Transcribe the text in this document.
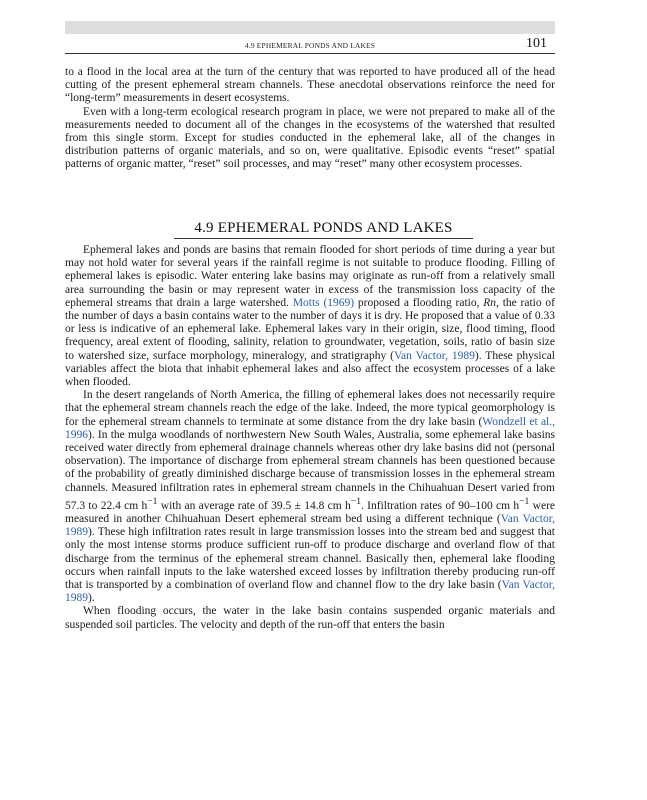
4.9 EPHEMERAL PONDS AND LAKES	101

to a flood in the local area at the turn of the century that was reported to have produced all of the head cutting of the present ephemeral stream channels. These anecdotal observations reinforce the need for “long-term” measurements in desert ecosystems.

Even with a long-term ecological research program in place, we were not prepared to make all of the measurements needed to document all of the changes in the ecosystems of the watershed that resulted from this single storm. Except for studies conducted in the ephemeral lake, all of the changes in distribution patterns of organic materials, and so on, were qualitative. Episodic events “reset” spatial patterns of organic matter, “reset” soil processes, and may “reset” many other ecosystem processes.

4.9 EPHEMERAL PONDS AND LAKES

Ephemeral lakes and ponds are basins that remain flooded for short periods of time during a year but may not hold water for several years if the rainfall regime is not suitable to produce flooding. Filling of ephemeral lakes is episodic. Water entering lake basins may originate as run-off from a relatively small area surrounding the basin or may represent water in excess of the transmission loss capacity of the ephemeral streams that drain a large watershed. Motts (1969) proposed a flooding ratio, Rn, the ratio of the number of days a basin contains water to the number of days it is dry. He proposed that a value of 0.33 or less is indicative of an ephemeral lake. Ephemeral lakes vary in their origin, size, flood timing, flood frequency, areal extent of flooding, salinity, relation to groundwater, vegetation, soils, ratio of basin size to watershed size, surface morphology, mineralogy, and stratigraphy (Van Vactor, 1989). These physical variables affect the biota that inhabit ephemeral lakes and also affect the ecosystem processes of a lake when flooded.

In the desert rangelands of North America, the filling of ephemeral lakes does not necessarily require that the ephemeral stream channels reach the edge of the lake. Indeed, the more typical geomorphology is for the ephemeral stream channels to terminate at some distance from the dry lake basin (Wondzell et al., 1996). In the mulga woodlands of northwestern New South Wales, Australia, some ephemeral lake basins received water directly from ephemeral drainage channels whereas other dry lake basins did not (personal observation). The importance of discharge from ephemeral stream channels has been questioned because of the probability of greatly diminished discharge because of transmission losses in the ephemeral stream channels. Measured infiltration rates in ephemeral stream channels in the Chihuahuan Desert varied from 57.3 to 22.4 cm $h^{-1}$ with an average rate of 39.5 ± 14.8 cm $h^{-1}$. Infiltration rates of 90–100 cm $h^{-1}$ were measured in another Chihuahuan Desert ephemeral stream bed using a different technique (Van Vactor, 1989). These high infiltration rates result in large transmission losses into the stream bed and suggest that only the most intense storms produce sufficient run-off to produce discharge and overland flow of that discharge from the terminus of the ephemeral stream channel. Basically then, ephemeral lake flooding occurs when rainfall inputs to the lake watershed exceed losses by infiltration thereby producing run-off that is transported by a combination of overland flow and channel flow to the dry lake basin (Van Vactor, 1989).

When flooding occurs, the water in the lake basin contains suspended organic materials and suspended soil particles. The velocity and depth of the run-off that enters the basin
